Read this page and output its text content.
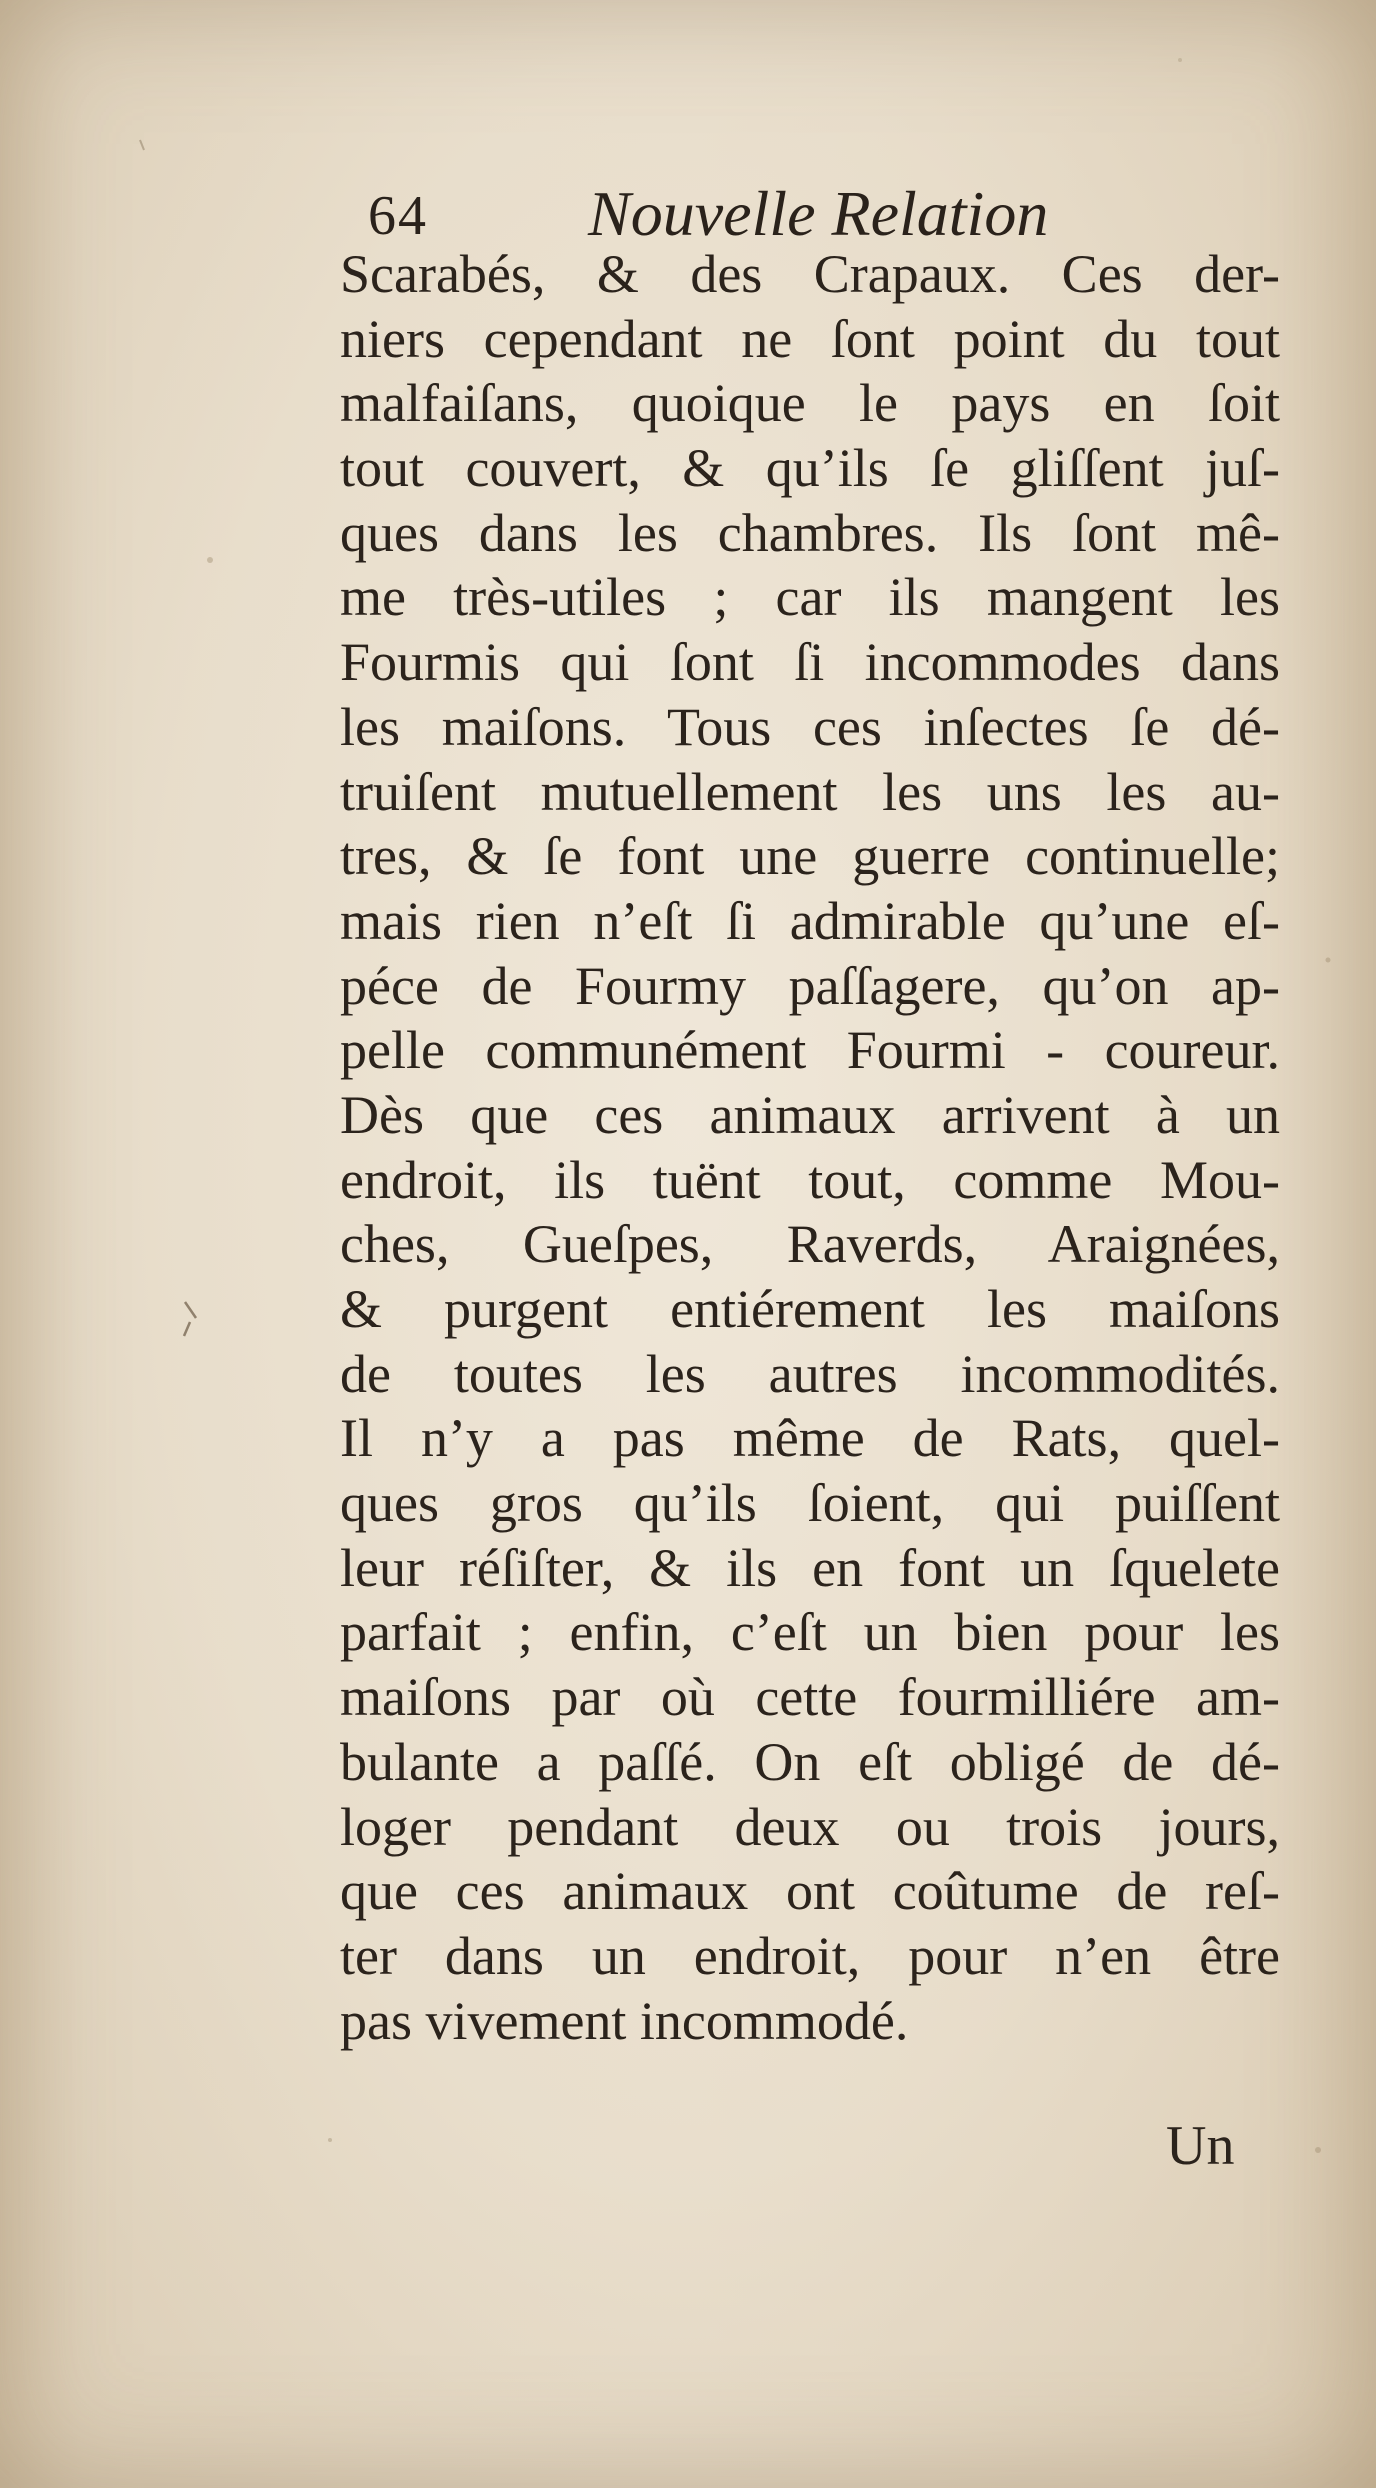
64	Nouvelle Relation
Scarabés, & des Crapaux. Ces der-
niers cependant ne ſont point du tout
malfaiſans, quoique le pays en ſoit
tout couvert, & qu’ils ſe gliſſent juſ-
ques dans les chambres. Ils ſont mê-
me très-utiles ; car ils mangent les
Fourmis qui ſont ſi incommodes dans
les maiſons. Tous ces inſectes ſe dé-
truiſent mutuellement les uns les au-
tres, & ſe font une guerre continuelle;
mais rien n’eſt ſi admirable qu’une eſ-
péce de Fourmy paſſagere, qu’on ap-
pelle communément Fourmi - coureur.
Dès que ces animaux arrivent à un
endroit, ils tuënt tout, comme Mou-
ches, Gueſpes, Raverds, Araignées,
& purgent entiérement les maiſons
de toutes les autres incommodités.
Il n’y a pas même de Rats, quel-
ques gros qu’ils ſoient, qui puiſſent
leur réſiſter, & ils en font un ſquelete
parfait ; enfin, c’eſt un bien pour les
maiſons par où cette fourmilliére am-
bulante a paſſé. On eſt obligé de dé-
loger pendant deux ou trois jours,
que ces animaux ont coûtume de reſ-
ter dans un endroit, pour n’en être
pas vivement incommodé.
Un
